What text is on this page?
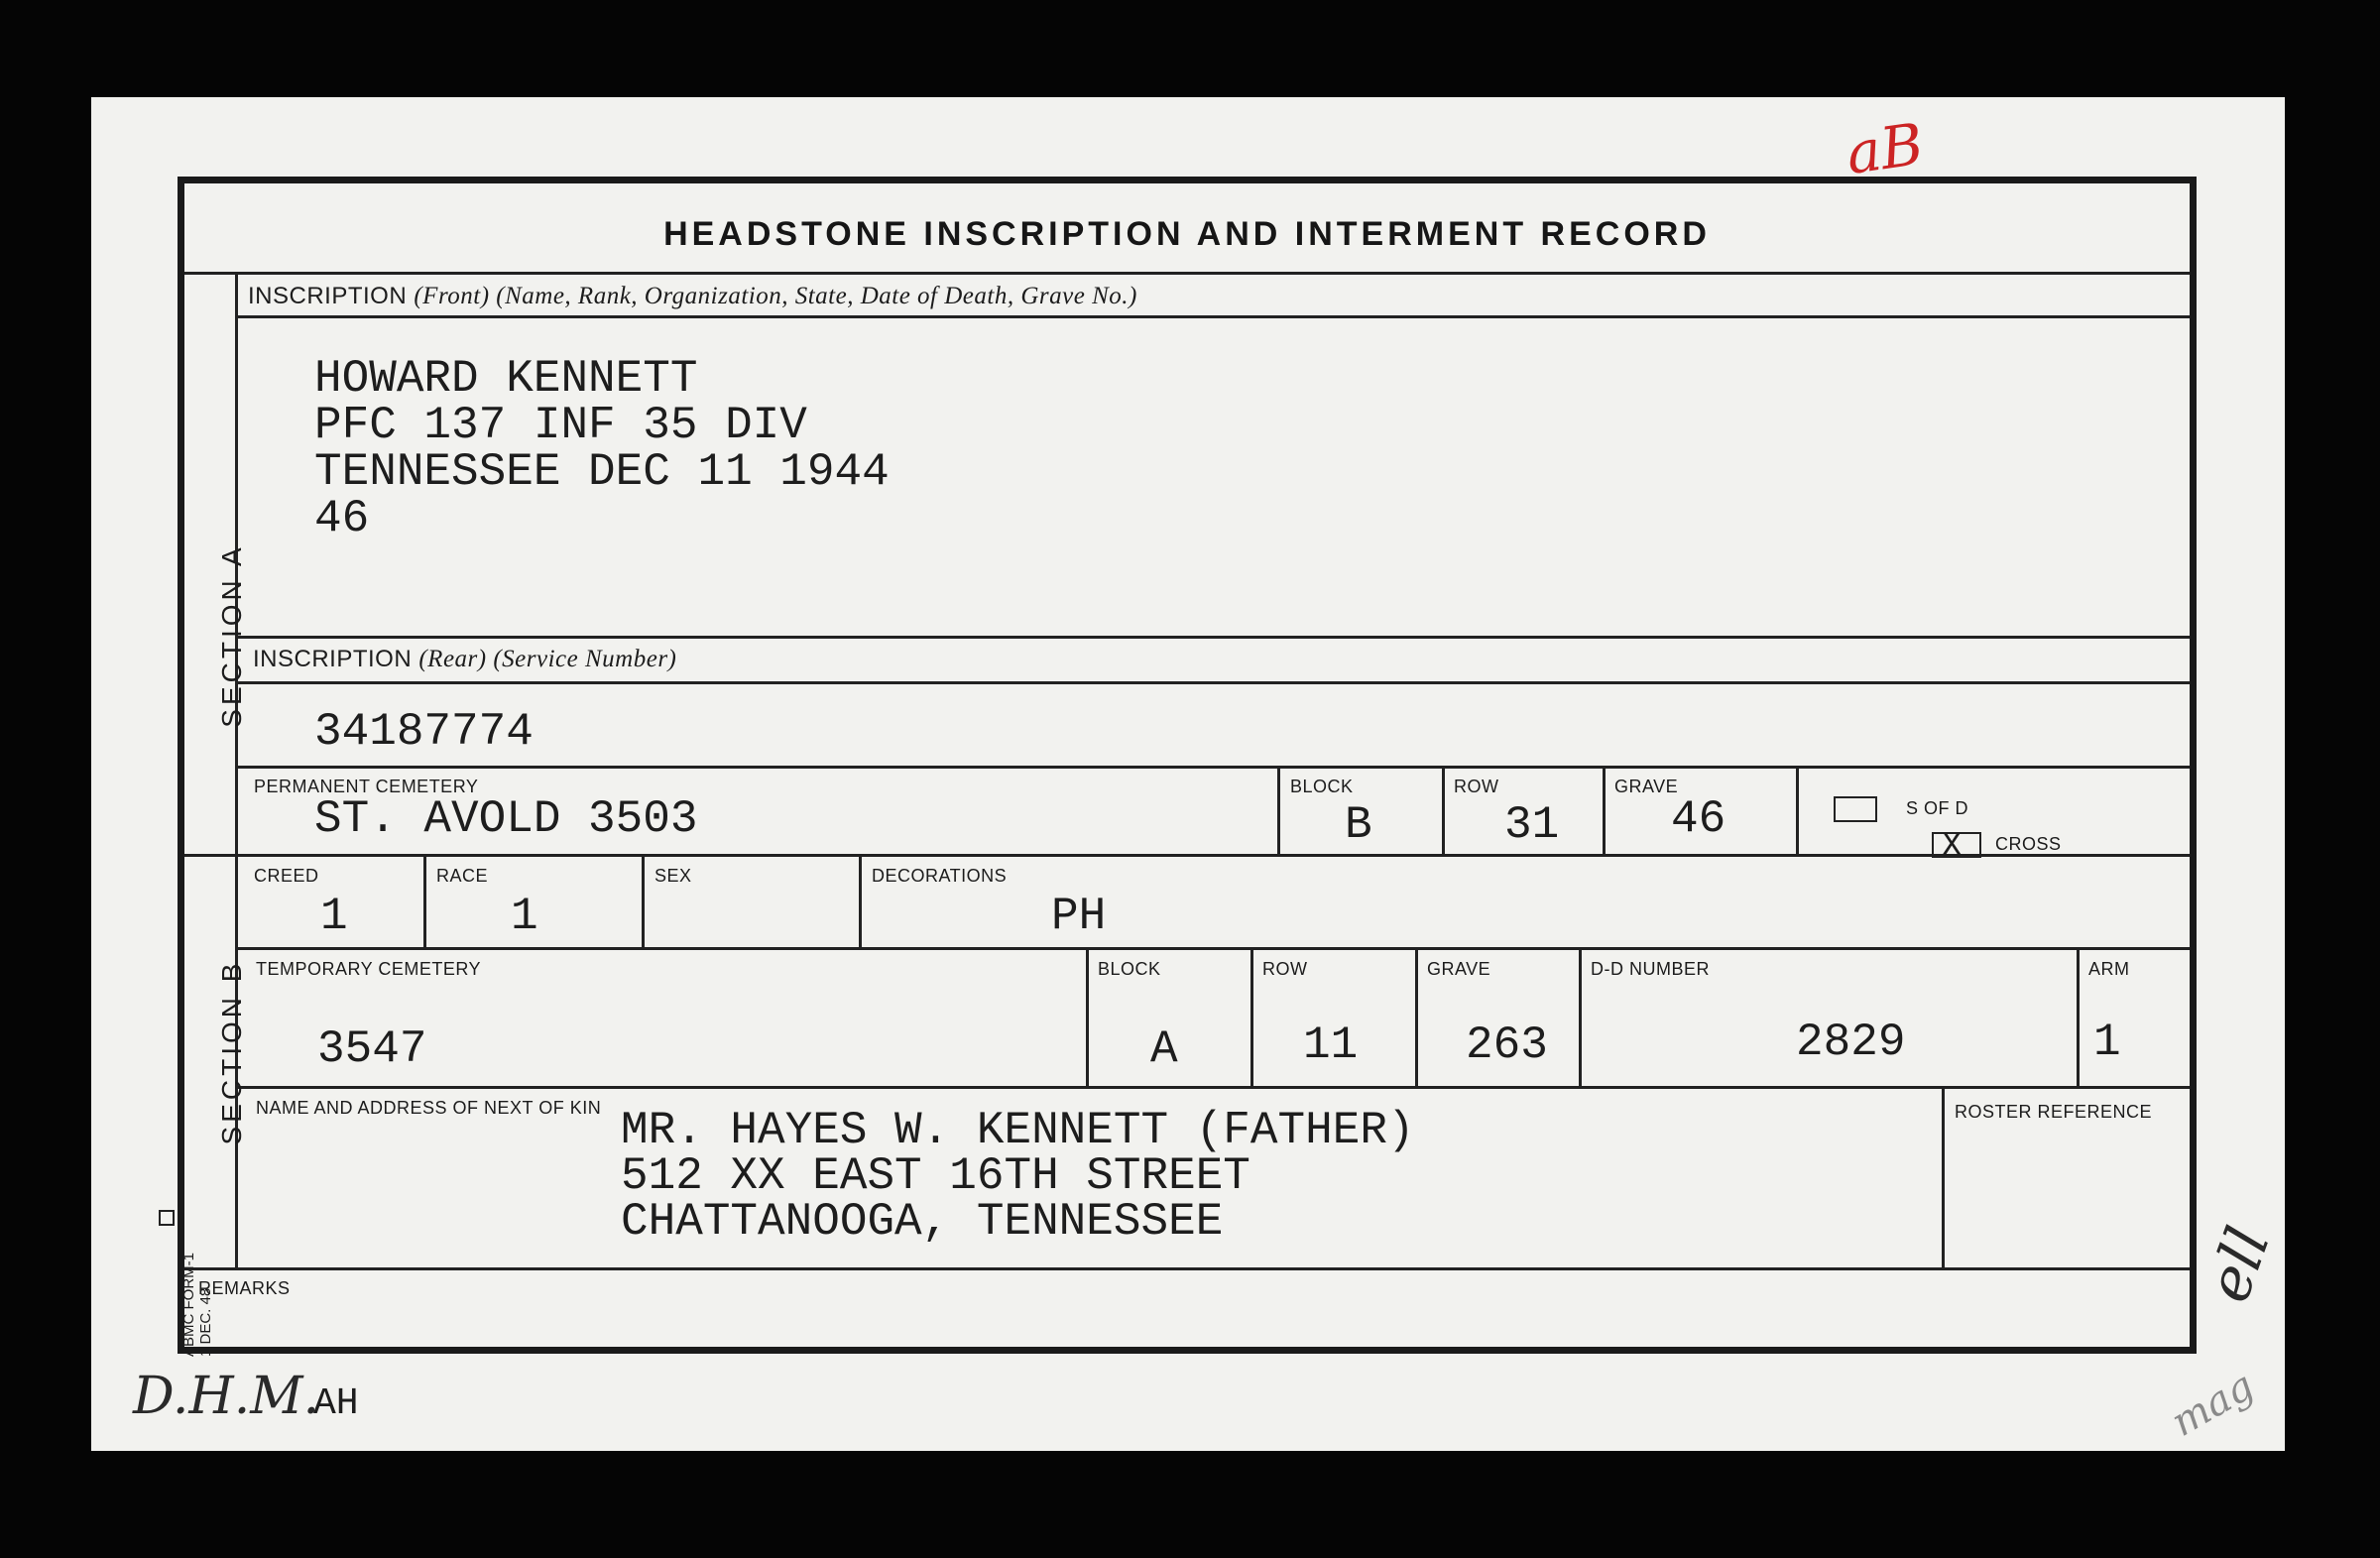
aB
HEADSTONE INSCRIPTION AND INTERMENT RECORD
SECTION A
SECTION B
INSCRIPTION (Front) (Name, Rank, Organization, State, Date of Death, Grave No.)
HOWARD KENNETT
PFC 137 INF 35 DIV
TENNESSEE DEC 11 1944
46
INSCRIPTION (Rear) (Service Number)
34187774
PERMANENT CEMETERY
ST. AVOLD 3503
BLOCK
B
ROW
31
GRAVE
46	S OF D
X CROSS
CREED
1
RACE
1
SEX	DECORATIONS
PH
TEMPORARY CEMETERY
3547
BLOCK
A
ROW
11
GRAVE
263
D-D NUMBER
2829
ARM
1
NAME AND ADDRESS OF NEXT OF KIN MR. HAYES W. KENNETT (FATHER)
512 XX EAST 16TH STREET
CHATTANOOGA, TENNESSEE
ROSTER REFERENCE
REMARKS
ABMC FORM-1 1 DEC. 48
D.H.M.
AH
ell
mag
